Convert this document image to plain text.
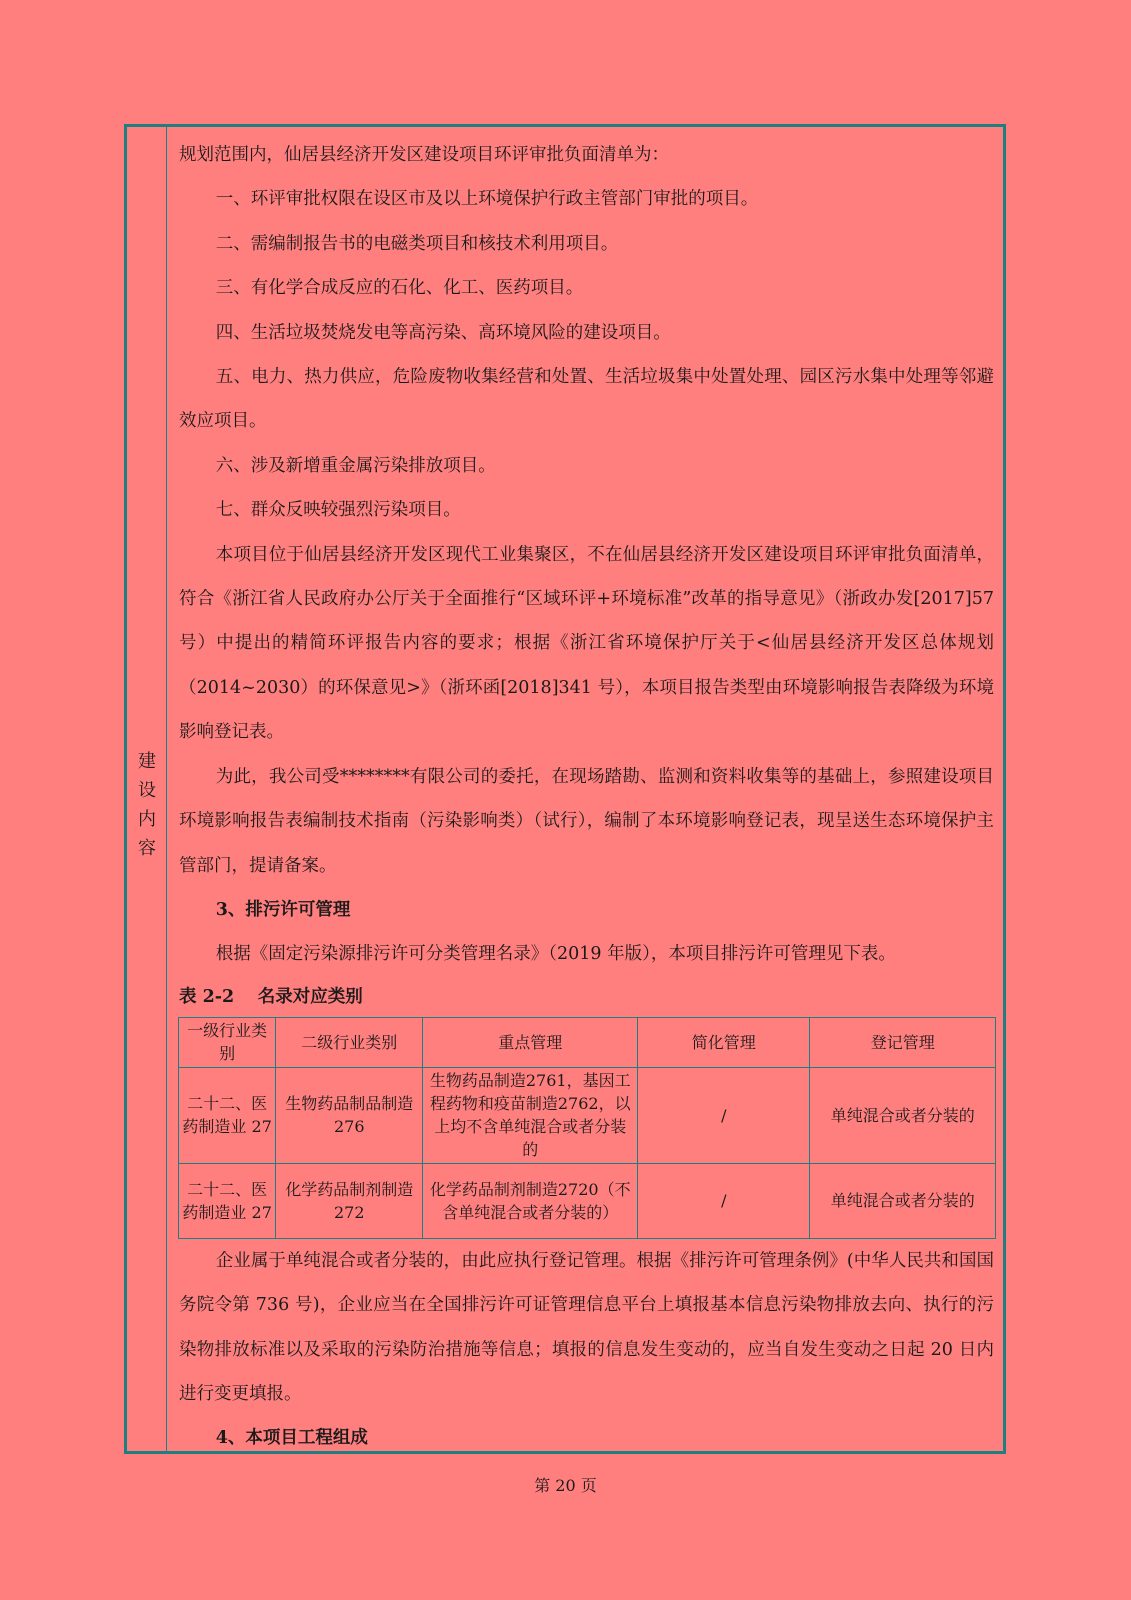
建
设
内
容

规划范围内，仙居县经济开发区建设项目环评审批负面清单为：

一、环评审批权限在设区市及以上环境保护行政主管部门审批的项目。

二、需编制报告书的电磁类项目和核技术利用项目。

三、有化学合成反应的石化、化工、医药项目。

四、生活垃圾焚烧发电等高污染、高环境风险的建设项目。

五、电力、热力供应，危险废物收集经营和处置、生活垃圾集中处置处理、园区污水集中处理等邻避效应项目。

六、涉及新增重金属污染排放项目。

七、群众反映较强烈污染项目。

本项目位于仙居县经济开发区现代工业集聚区，不在仙居县经济开发区建设项目环评审批负面清单，符合《浙江省人民政府办公厅关于全面推行“区域环评+环境标准”改革的指导意见》（浙政办发[2017]57 号）中提出的精简环评报告内容的要求；根据《浙江省环境保护厅关于<仙居县经济开发区总体规划（2014~2030）的环保意见>》（浙环函[2018]341 号），本项目报告类型由环境影响报告表降级为环境影响登记表。

为此，我公司受********有限公司的委托，在现场踏勘、监测和资料收集等的基础上，参照建设项目环境影响报告表编制技术指南（污染影响类）（试行），编制了本环境影响登记表，现呈送生态环境保护主管部门，提请备案。

3、排污许可管理

根据《固定污染源排污许可分类管理名录》（2019 年版），本项目排污许可管理见下表。

表 2-2　 名录对应类别

一级行业类别	二级行业类别	重点管理	简化管理	登记管理
二十二、医药制造业 27	生物药品制品制造276	生物药品制造2761，基因工程药物和疫苗制造2762，以上均不含单纯混合或者分装的	/	单纯混合或者分装的
二十二、医药制造业 27	化学药品制剂制造272	化学药品制剂制造2720（不含单纯混合或者分装的）	/	单纯混合或者分装的

企业属于单纯混合或者分装的，由此应执行登记管理。根据《排污许可管理条例》(中华人民共和国国务院令第 736 号)，企业应当在全国排污许可证管理信息平台上填报基本信息污染物排放去向、执行的污染物排放标准以及采取的污染防治措施等信息；填报的信息发生变动的，应当自发生变动之日起 20 日内进行变更填报。

4、本项目工程组成

第 20 页
